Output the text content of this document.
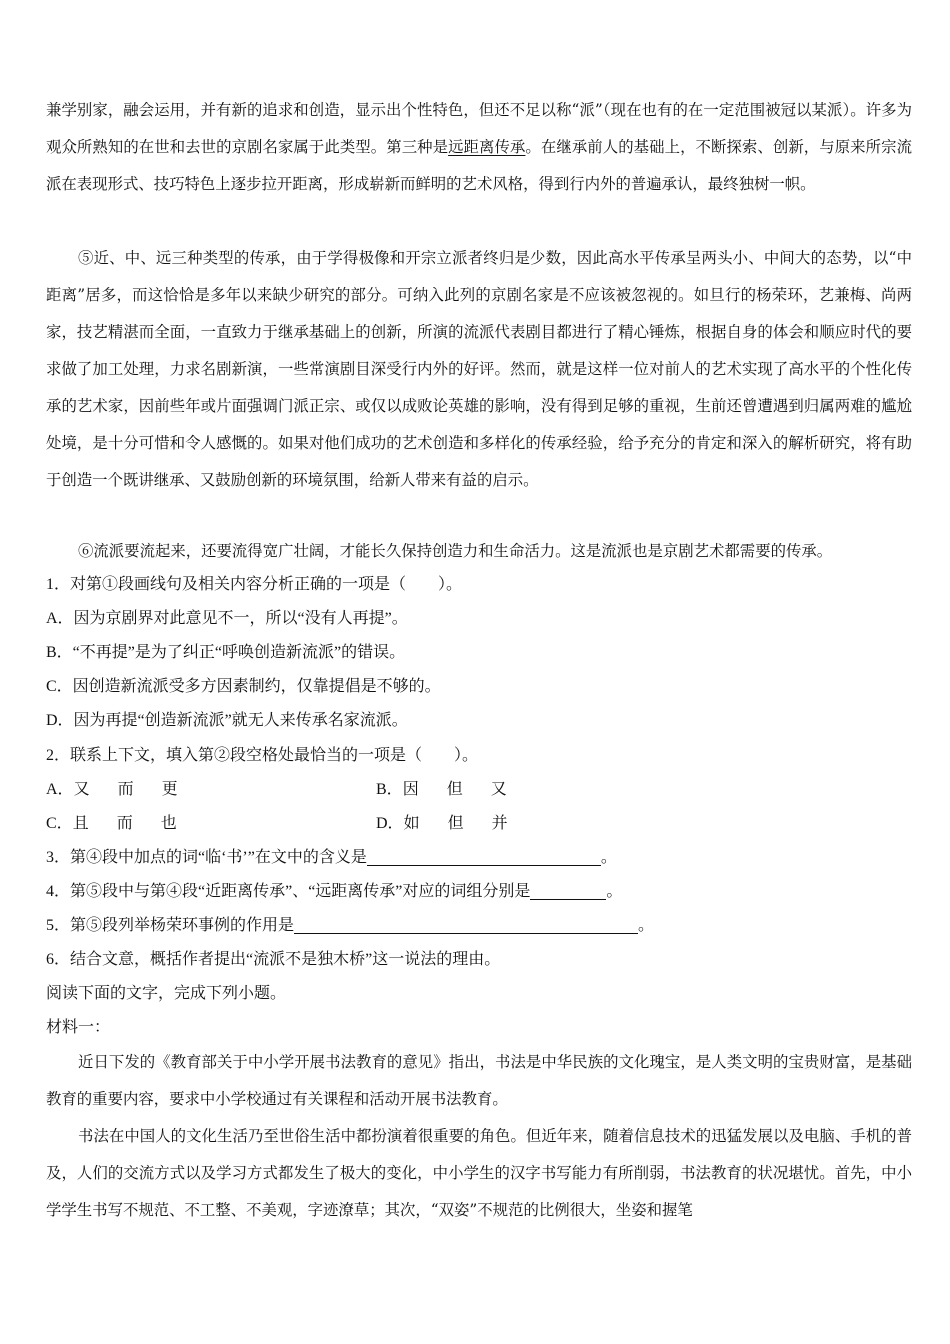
兼学别家，融会运用，并有新的追求和创造，显示出个性特色，但还不足以称“派”（现在也有的在一定范围被冠以某派）。许多为观众所熟知的在世和去世的京剧名家属于此类型。第三种是远距离传承。在继承前人的基础上，不断探索、创新，与原来所宗流派在表现形式、技巧特色上逐步拉开距离，形成崭新而鲜明的艺术风格，得到行内外的普遍承认，最终独树一帜。

⑤近、中、远三种类型的传承，由于学得极像和开宗立派者终归是少数，因此高水平传承呈两头小、中间大的态势，以“中距离”居多，而这恰恰是多年以来缺少研究的部分。可纳入此列的京剧名家是不应该被忽视的。如旦行的杨荣环，艺兼梅、尚两家，技艺精湛而全面，一直致力于继承基础上的创新，所演的流派代表剧目都进行了精心锤炼，根据自身的体会和顺应时代的要求做了加工处理，力求名剧新演，一些常演剧目深受行内外的好评。然而，就是这样一位对前人的艺术实现了高水平的个性化传承的艺术家，因前些年或片面强调门派正宗、或仅以成败论英雄的影响，没有得到足够的重视，生前还曾遭遇到归属两难的尴尬处境，是十分可惜和令人感慨的。如果对他们成功的艺术创造和多样化的传承经验，给予充分的肯定和深入的解析研究，将有助于创造一个既讲继承、又鼓励创新的环境氛围，给新人带来有益的启示。

⑥流派要流起来，还要流得宽广壮阔，才能长久保持创造力和生命活力。这是流派也是京剧艺术都需要的传承。

1．对第①段画线句及相关内容分析正确的一项是（　　）。
A．因为京剧界对此意见不一，所以“没有人再提”。
B．“不再提”是为了纠正“呼唤创造新流派”的错误。
C．因创造新流派受多方因素制约，仅靠提倡是不够的。
D．因为再提“创造新流派”就无人来传承名家流派。
2．联系上下文，填入第②段空格处最恰当的一项是（　　）。
A．又 而 更	B．因 但 又
C．且 而 也	D．如 但 并
3．第④段中加点的词“临‘书’”在文中的含义是	。
4．第⑤段中与第④段“近距离传承”、“远距离传承”对应的词组分别是	。
5．第⑤段列举杨荣环事例的作用是	。
6．结合文意，概括作者提出“流派不是独木桥”这一说法的理由。
阅读下面的文字，完成下列小题。
材料一：

近日下发的《教育部关于中小学开展书法教育的意见》指出，书法是中华民族的文化瑰宝，是人类文明的宝贵财富，是基础教育的重要内容，要求中小学校通过有关课程和活动开展书法教育。

书法在中国人的文化生活乃至世俗生活中都扮演着很重要的角色。但近年来，随着信息技术的迅猛发展以及电脑、手机的普及，人们的交流方式以及学习方式都发生了极大的变化，中小学生的汉字书写能力有所削弱，书法教育的状况堪忧。首先，中小学学生书写不规范、不工整、不美观，字迹潦草；其次，“双姿”不规范的比例很大，坐姿和握笔
